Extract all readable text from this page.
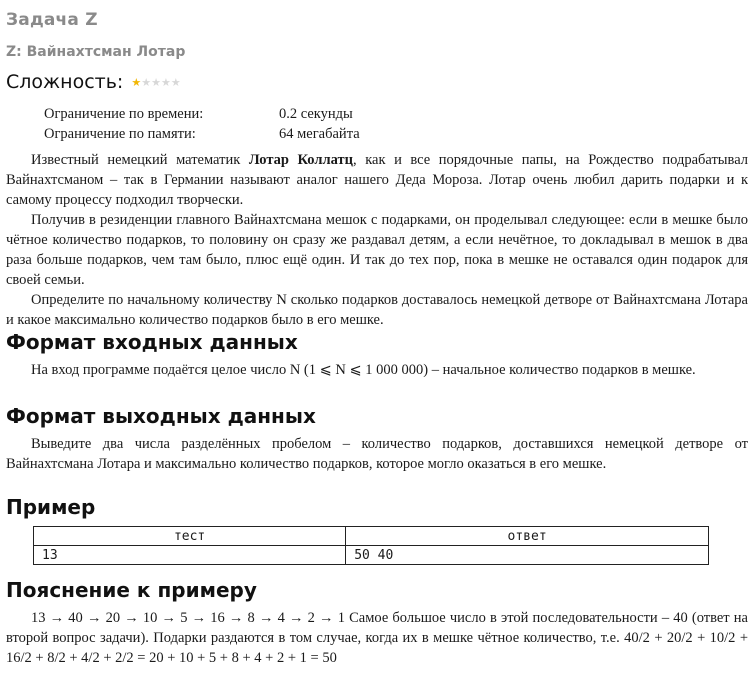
Задача Z
Z: Вайнахтсман Лотар
Сложность: ★ ★ ★ ★ ★
Ограничение по времени:	0.2 секунды
Ограничение по памяти:	64 мегабайта
Известный немецкий математик Лотар Коллатц, как и все порядочные папы, на Рождество подрабатывал Вайнахтсманом – так в Германии называют аналог нашего Деда Мороза. Лотар очень любил дарить подарки и к самому процессу подходил творчески.
Получив в резиденции главного Вайнахтсмана мешок с подарками, он проделывал следующее: если в мешке было чётное количество подарков, то половину он сразу же раздавал детям, а если нечётное, то докладывал в мешок в два раза больше подарков, чем там было, плюс ещё один. И так до тех пор, пока в мешке не оставался один подарок для своей семьи.
Определите по начальному количеству N сколько подарков доставалось немецкой детворе от Вайнахтсмана Лотара и какое максимально количество подарков было в его мешке.
Формат входных данных
На вход программе подаётся целое число N (1 ⩽ N ⩽ 1 000 000) – начальное количество подарков в мешке.
Формат выходных данных
Выведите два числа разделённых пробелом – количество подарков, доставшихся немецкой детворе от Вайнахтсмана Лотара и максимально количество подарков, которое могло оказаться в его мешке.
Пример
тест	ответ
13	50 40
Пояснение к примеру
13 → 40 → 20 → 10 → 5 → 16 → 8 → 4 → 2 → 1 Самое большое число в этой последовательности – 40 (ответ на второй вопрос задачи). Подарки раздаются в том случае, когда их в мешке чётное количество, т.е. 40/2 + 20/2 + 10/2 + 16/2 + 8/2 + 4/2 + 2/2 = 20 + 10 + 5 + 8 + 4 + 2 + 1 = 50
